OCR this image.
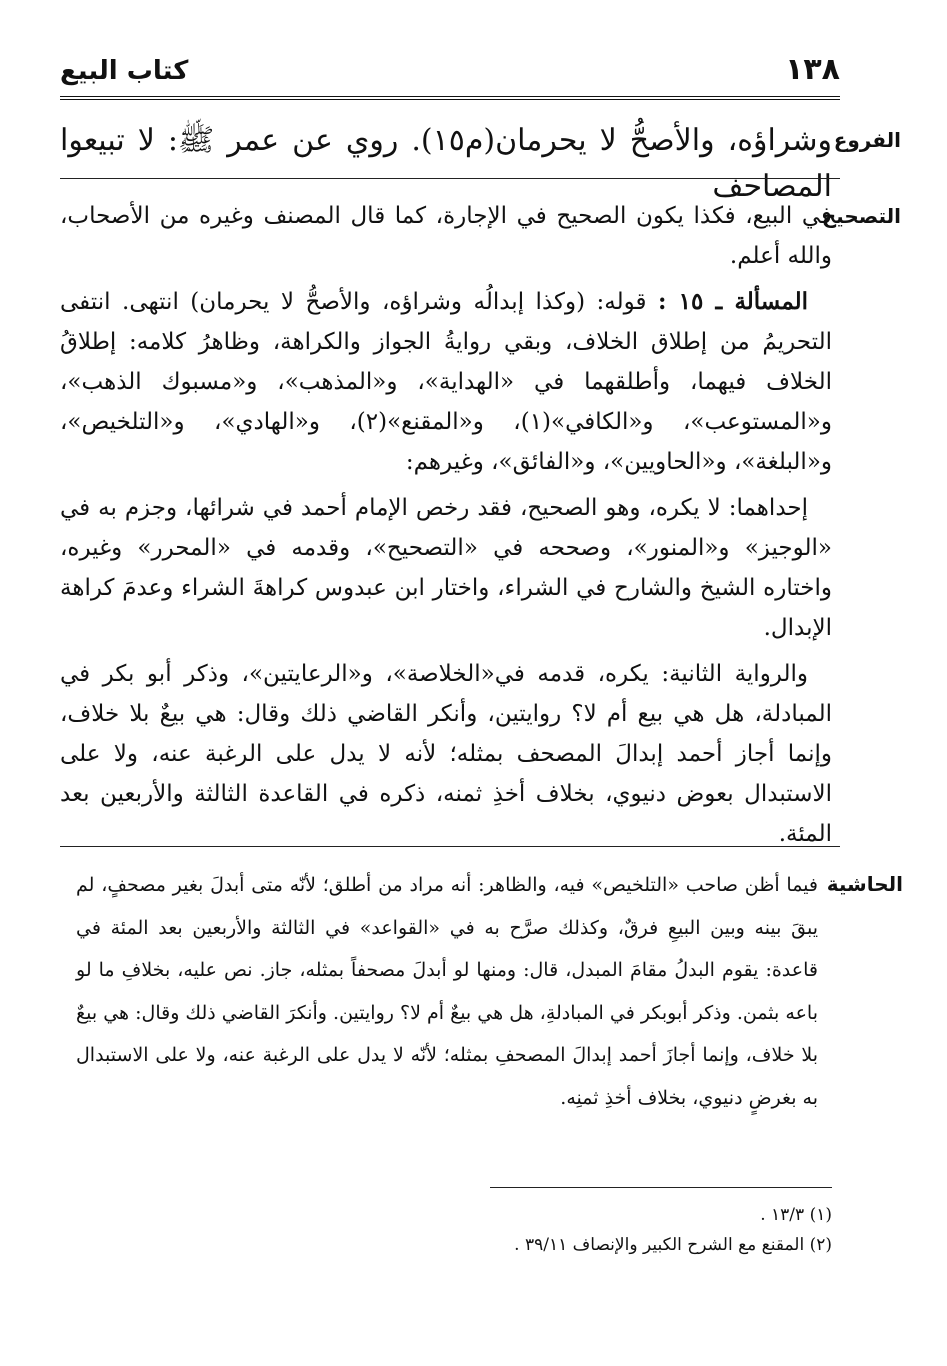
١٣٨
كتاب البيع
الفروع
وشراؤه، والأصحُّ لا يحرمان(م١٥). روي عن عمر ﷺ: لا تبيعوا المصاحف
التصحيح

في البيع، فكذا يكون الصحيح في الإجارة، كما قال المصنف وغيره من الأصحاب، والله أعلم.

المسألة ـ ١٥ : قوله: (وكذا إبدالُه وشراؤه، والأصحُّ لا يحرمان) انتهى. انتفى التحريمُ من إطلاق الخلاف، وبقي روايةُ الجواز والكراهة، وظاهرُ كلامه: إطلاقُ الخلاف فيهما، وأطلقهما في «الهداية»، و«المذهب»، و«مسبوك الذهب»، و«المستوعب»، و«الكافي»(١)، و«المقنع»(٢)، و«الهادي»، و«التلخيص»، و«البلغة»، و«الحاويين»، و«الفائق»، وغيرهم:

إحداهما: لا يكره، وهو الصحيح، فقد رخص الإمام أحمد في شرائها، وجزم به في «الوجيز» و«المنور»، وصححه في «التصحيح»، وقدمه في «المحرر» وغيره، واختاره الشيخ والشارح في الشراء، واختار ابن عبدوس كراهةَ الشراء وعدمَ كراهة الإبدال.

والرواية الثانية: يكره، قدمه في«الخلاصة»، و«الرعايتين»، وذكر أبو بكر في المبادلة، هل هي بيع أم لا؟ روايتين، وأنكر القاضي ذلك وقال: هي بيعٌ بلا خلاف، وإنما أجاز أحمد إبدالَ المصحف بمثله؛ لأنه لا يدل على الرغبة عنه، ولا على الاستبدال بعوض دنيوي، بخلاف أخذِ ثمنه، ذكره في القاعدة الثالثة والأربعين بعد المئة.

الحاشية

فيما أظن صاحب «التلخيص» فيه، والظاهر: أنه مراد من أطلق؛ لأنّه متى أبدلَ بغير مصحفٍ، لم يبقَ بينه وبين البيعِ فرقٌ، وكذلك صرَّح به في «القواعد» في الثالثة والأربعين بعد المئة في قاعدة: يقوم البدلُ مقامَ المبدل، قال: ومنها لو أبدلَ مصحفاً بمثله، جاز. نص عليه، بخلافِ ما لو باعه بثمن. وذكر أبوبكر في المبادلةِ، هل هي بيعٌ أم لا؟ روايتين. وأنكرَ القاضي ذلك وقال: هي بيعٌ بلا خلاف، وإنما أجازَ أحمد إبدالَ المصحفِ بمثله؛ لأنّه لا يدل على الرغبة عنه، ولا على الاستبدال به بغرضٍ دنيوي، بخلاف أخذِ ثمنِه.

(١) ١٣/٣ .
(٢) المقنع مع الشرح الكبير والإنصاف ٣٩/١١ .
